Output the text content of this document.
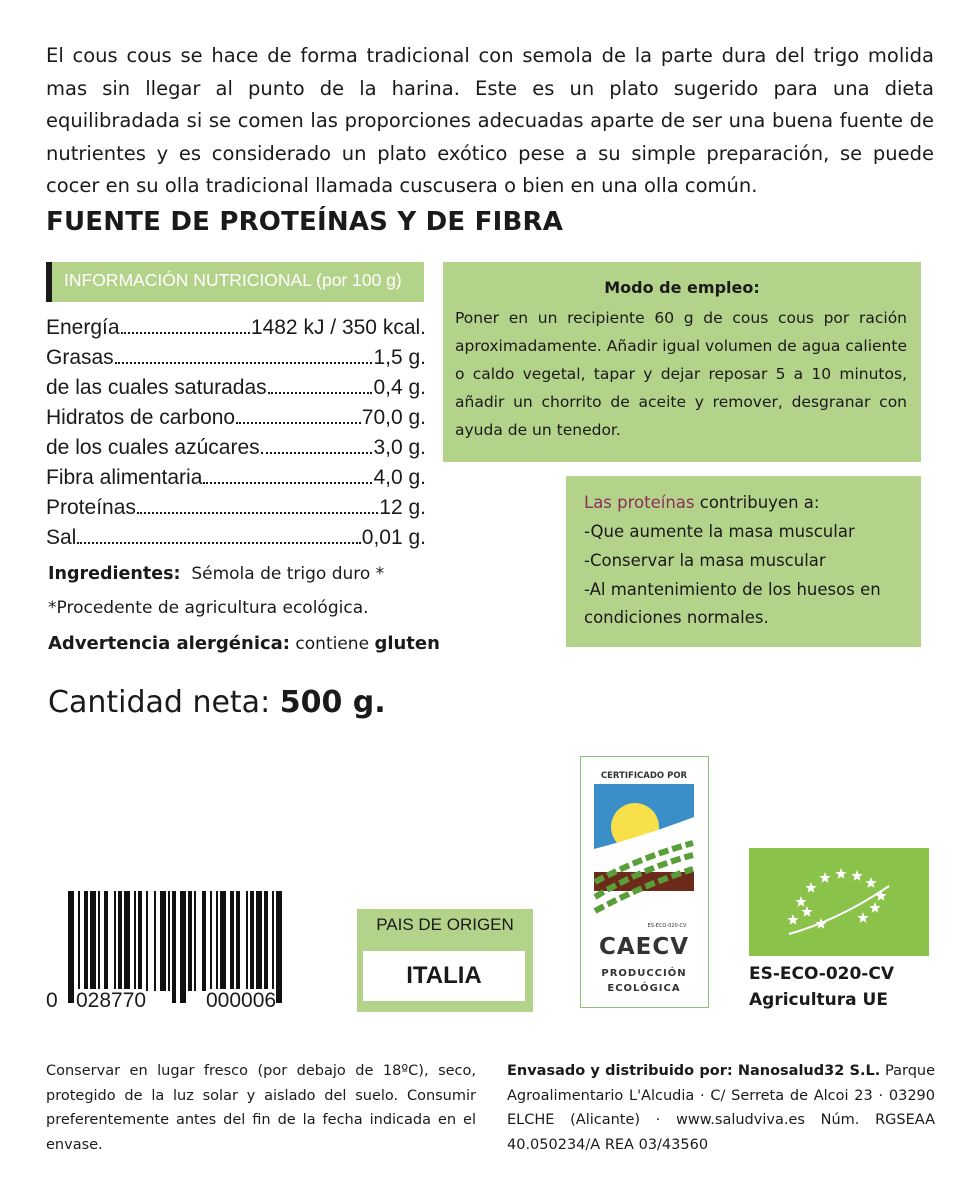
El cous cous se hace de forma tradicional con semola de la parte dura del trigo molida mas sin llegar al punto de la harina. Este es un plato sugerido para una dieta equilibradada si se comen las proporciones adecuadas aparte de ser una buena fuente de nutrientes y es considerado un plato exótico pese a su simple preparación, se puede cocer en su olla tradicional llamada cuscusera o bien en una olla común.

FUENTE DE PROTEÍNAS Y DE FIBRA
INFORMACIÓN NUTRICIONAL (por 100 g)
Energía	1482 kJ / 350 kcal.
Grasas	1,5 g.
de las cuales saturadas	0,4 g.
Hidratos de carbono	70,0 g.
de los cuales azúcares	3,0 g.
Fibra alimentaria	4,0 g.
Proteínas	12 g.
Sal	0,01 g.
Ingredientes: Sémola de trigo duro *
*Procedente de agricultura ecológica.
Advertencia alergénica: contiene gluten
Cantidad neta: 500 g.
Modo de empleo:

Poner en un recipiente 60 g de cous cous por ración aproximadamente. Añadir igual volumen de agua caliente o caldo vegetal, tapar y dejar reposar 5 a 10 minutos, añadir un chorrito de aceite y remover, desgranar con ayuda de un tenedor.

Las proteínas contribuyen a:
-Que aumente la masa muscular
-Conservar la masa muscular
-Al mantenimiento de los huesos en
condiciones normales.
0 028770	000006
PAIS DE ORIGEN
ITALIA
CERTIFICADO POR
ES-ECO-020-CV
CAECV
PRODUCCIÓN
ECOLÓGICA
ES-ECO-020-CV
Agricultura UE

Conservar en lugar fresco (por debajo de 18ºC), seco, protegido de la luz solar y aislado del suelo. Consumir preferentemente antes del fin de la fecha indicada en el envase.

Envasado y distribuido por: Nanosalud32 S.L. Parque Agroalimentario L'Alcudia · C/ Serreta de Alcoi 23 · 03290 ELCHE (Alicante) · www.saludviva.es Núm. RGSEAA 40.050234/A REA 03/43560
